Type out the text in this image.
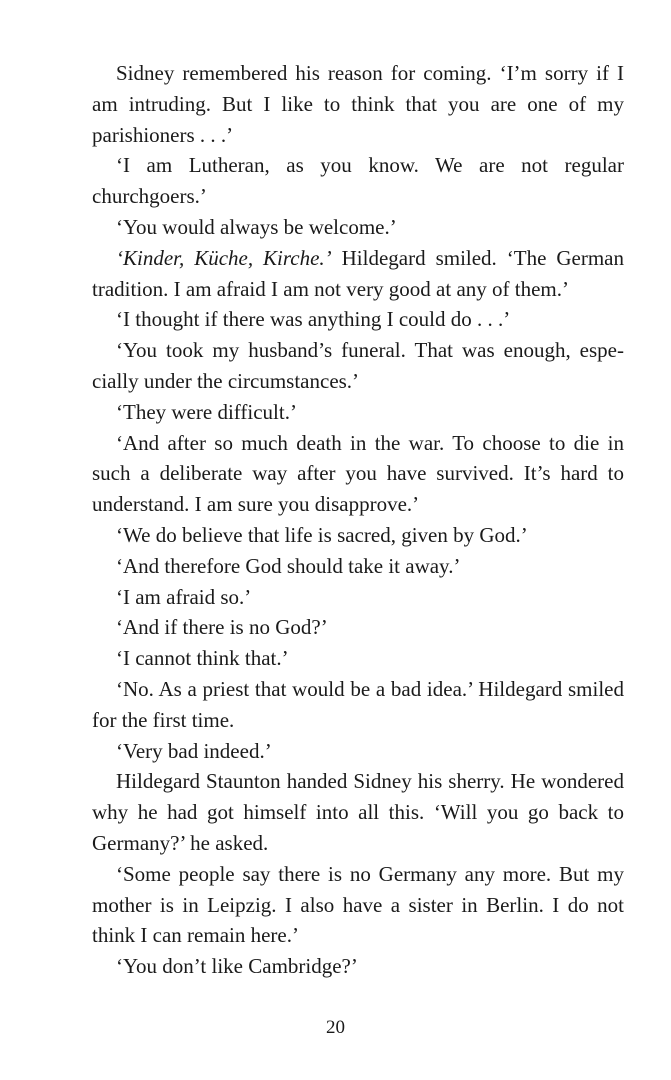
Sidney remembered his reason for coming. ‘I’m sorry if I am intruding. But I like to think that you are one of my parishioners . . .’

‘I am Lutheran, as you know. We are not regular churchgoers.’

‘You would always be welcome.’

‘Kinder, Küche, Kirche.’ Hildegard smiled. ‘The German tradition. I am afraid I am not very good at any of them.’

‘I thought if there was anything I could do . . .’

‘You took my husband’s funeral. That was enough, especially under the circumstances.’

‘They were difficult.’

‘And after so much death in the war. To choose to die in such a deliberate way after you have survived. It’s hard to understand. I am sure you disapprove.’

‘We do believe that life is sacred, given by God.’

‘And therefore God should take it away.’

‘I am afraid so.’

‘And if there is no God?’

‘I cannot think that.’

‘No. As a priest that would be a bad idea.’ Hildegard smiled for the first time.

‘Very bad indeed.’

Hildegard Staunton handed Sidney his sherry. He wondered why he had got himself into all this. ‘Will you go back to Germany?’ he asked.

‘Some people say there is no Germany any more. But my mother is in Leipzig. I also have a sister in Berlin. I do not think I can remain here.’

‘You don’t like Cambridge?’

20
